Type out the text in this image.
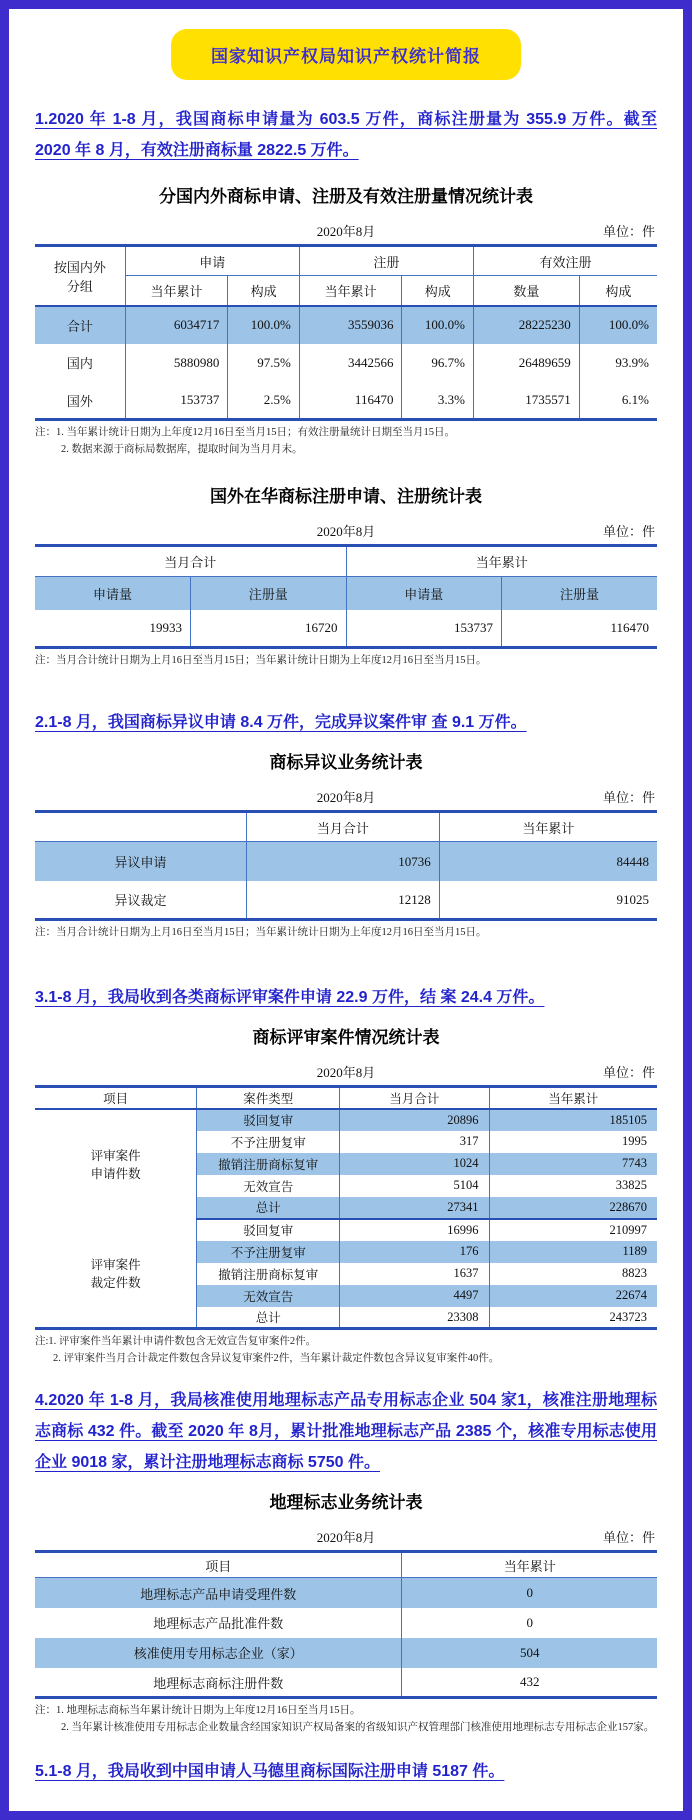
国家知识产权局知识产权统计简报

1.2020 年 1-8 月，我国商标申请量为 603.5 万件，商标注册量为 355.9 万件。截至 2020 年 8 月，有效注册商标量 2822.5 万件。

分国内外商标申请、注册及有效注册量情况统计表
2020年8月	单位：件
按国内外
分组	申请		注册		有效注册	
	当年累计	构成	当年累计	构成	数量	构成
合计	6034717	100.0%	3559036	100.0%	28225230	100.0%
国内	5880980	97.5%	3442566	96.7%	26489659	93.9%
国外	153737	2.5%	116470	3.3%	1735571	6.1%
注：1. 当年累计统计日期为上年度12月16日至当月15日；有效注册量统计日期至当月15日。
2. 数据来源于商标局数据库，提取时间为当月月末。
国外在华商标注册申请、注册统计表
2020年8月	单位：件
当月合计		当年累计	
申请量	注册量	申请量	注册量
19933	16720	153737	116470
注：当月合计统计日期为上月16日至当月15日；当年累计统计日期为上年度12月16日至当月15日。

2.1-8 月，我国商标异议申请 8.4 万件，完成异议案件审 查 9.1 万件。

商标异议业务统计表
2020年8月	单位：件
	当月合计	当年累计
异议申请	10736	84448
异议裁定	12128	91025
注：当月合计统计日期为上月16日至当月15日；当年累计统计日期为上年度12月16日至当月15日。

3.1-8 月，我局收到各类商标评审案件申请 22.9 万件，结 案 24.4 万件。

商标评审案件情况统计表
2020年8月	单位：件
项目	案件类型	当月合计	当年累计

评审案件
申请件数	驳回复审	20896	185105
	不予注册复审	317	1995
	撤销注册商标复审	1024	7743
	无效宣告	5104	33825
	总计	27341	228670

评审案件
裁定件数	驳回复审	16996	210997
	不予注册复审	176	1189
	撤销注册商标复审	1637	8823
	无效宣告	4497	22674
	总计	23308	243723
注:1. 评审案件当年累计申请件数包含无效宣告复审案件2件。
2. 评审案件当月合计裁定件数包含异议复审案件2件，当年累计裁定件数包含异议复审案件40件。

4.2020 年 1-8 月，我局核准使用地理标志产品专用标志企业 504 家1，核准注册地理标志商标 432 件。截至 2020 年 8月，累计批准地理标志产品 2385 个，核准专用标志使用企业 9018 家，累计注册地理标志商标 5750 件。

地理标志业务统计表
2020年8月	单位：件
项目	当年累计
地理标志产品申请受理件数	0
地理标志产品批准件数	0
核准使用专用标志企业（家）	504
地理标志商标注册件数	432
注：1. 地理标志商标当年累计统计日期为上年度12月16日至当月15日。
2. 当年累计核准使用专用标志企业数量含经国家知识产权局备案的省级知识产权管理部门核准使用地理标志专用标志企业157家。

5.1-8 月，我局收到中国申请人马德里商标国际注册申请 5187 件。
